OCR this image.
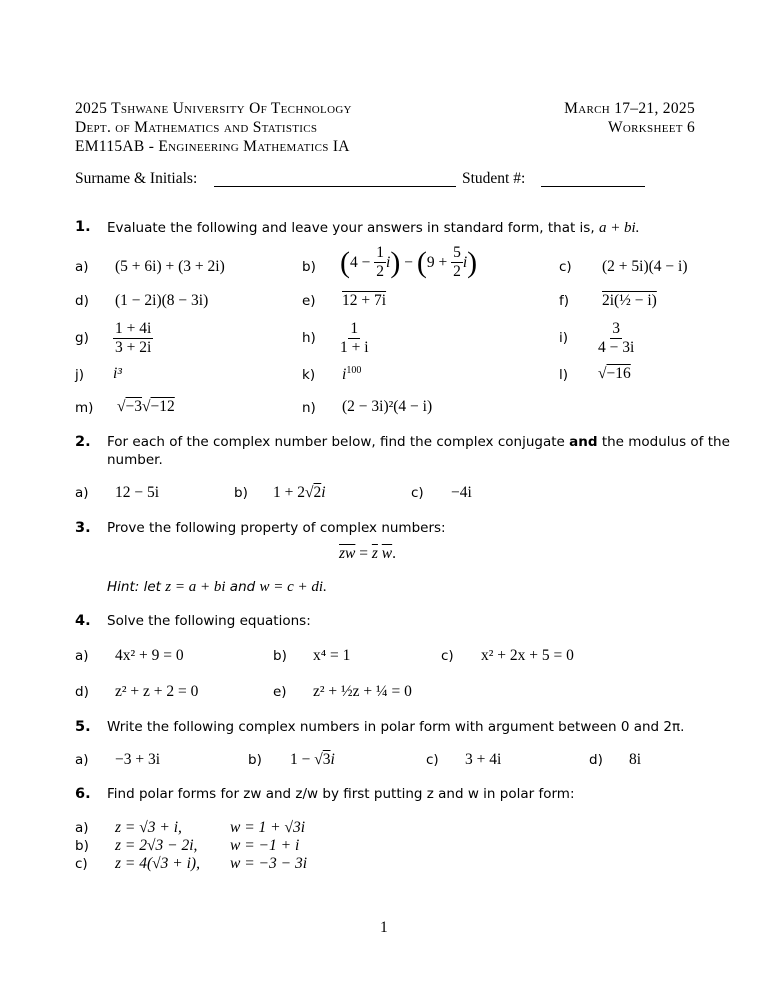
2025 Tshwane University Of Technology
Dept. of Mathematics and Statistics
EM115AB - Engineering Mathematics IA
March 17–21, 2025
Worksheet 6
Surname & Initials:	Student #:
1. Evaluate the following and leave your answers in standard form, that is, a + bi.
a) (5 + 6i) + (3 + 2i)	b) ( $4 - \frac{1}{2}$ i ) − ( $9 + \frac{5}{2}$ i )	c) (2 + 5i)(4 − i)
d) (1 − 2i)(8 − 3i)	e) 12 + 7i	f) 2i(½ − i)
$g) \frac{1 + 4i}{3 + 2i}$	$h) \frac{1}{1 + i}$	$i) \frac{3}{4 - 3i}$
j) i³	k) $i^{100}$	l) √−16
m) √−3√−12	n) (2 − 3i)²(4 − i)
2. For each of the complex number below, find the complex conjugate and the modulus of the
number.
a) 12 − 5i	b) 1 + 2√2i	c) −4i
3. Prove the following property of complex numbers:
$\overline{zw} = \overline{z}$ $\overline{w}$.
Hint: let z = a + bi and w = c + di.
4. Solve the following equations:
a) 4x² + 9 = 0	b) x⁴ = 1	c) x² + 2x + 5 = 0
d) z² + z + 2 = 0	e) z² + ½z + ¼ = 0
5. Write the following complex numbers in polar form with argument between 0 and 2π.
a) −3 + 3i	b) 1 − √3i	c) 3 + 4i	d) 8i
6. Find polar forms for zw and z/w by first putting z and w in polar form:
a) z = √3 + i,	w = 1 + √3i
b) z = 2√3 − 2i, w = −1 + i
c) z = 4(√3 + i), w = −3 − 3i
1
